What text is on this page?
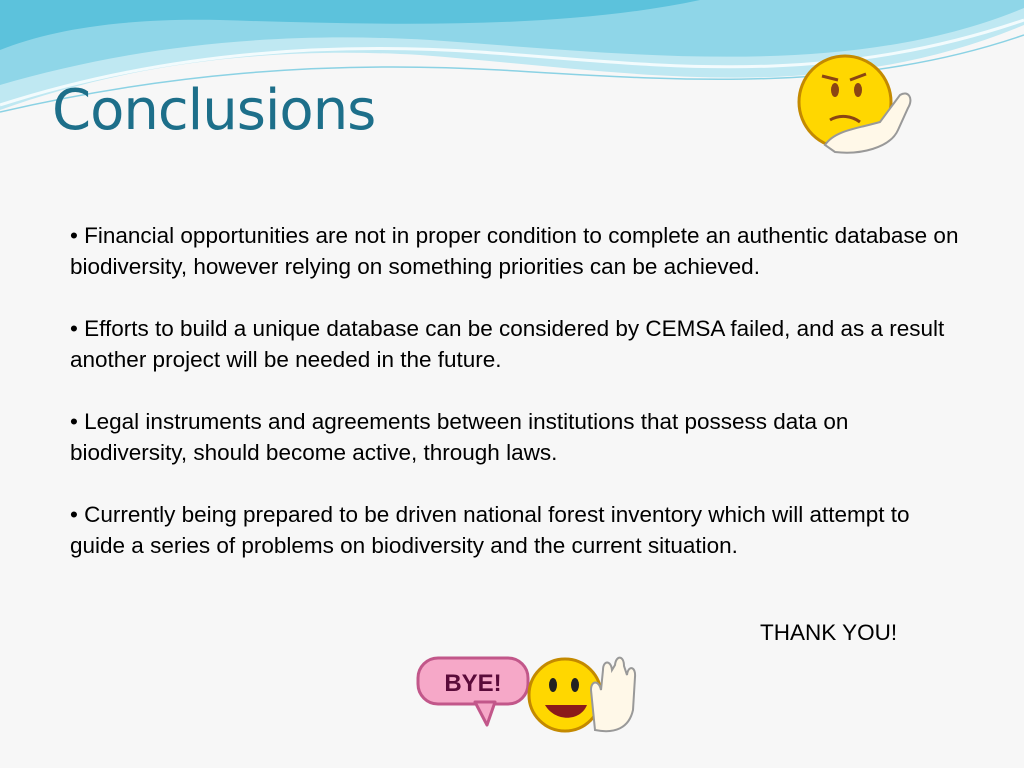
Conclusions

• Financial opportunities are not in proper condition to complete an authentic database on biodiversity, however relying on something priorities can be achieved.

• Efforts to build a unique database can be considered by CEMSA failed, and as a result another project will be needed in the future.

• Legal instruments and agreements between institutions that possess data on biodiversity, should become active, through laws.

• Currently being prepared to be driven national forest inventory which will attempt to guide a series of problems on biodiversity and the current situation.

THANK YOU!
BYE!
